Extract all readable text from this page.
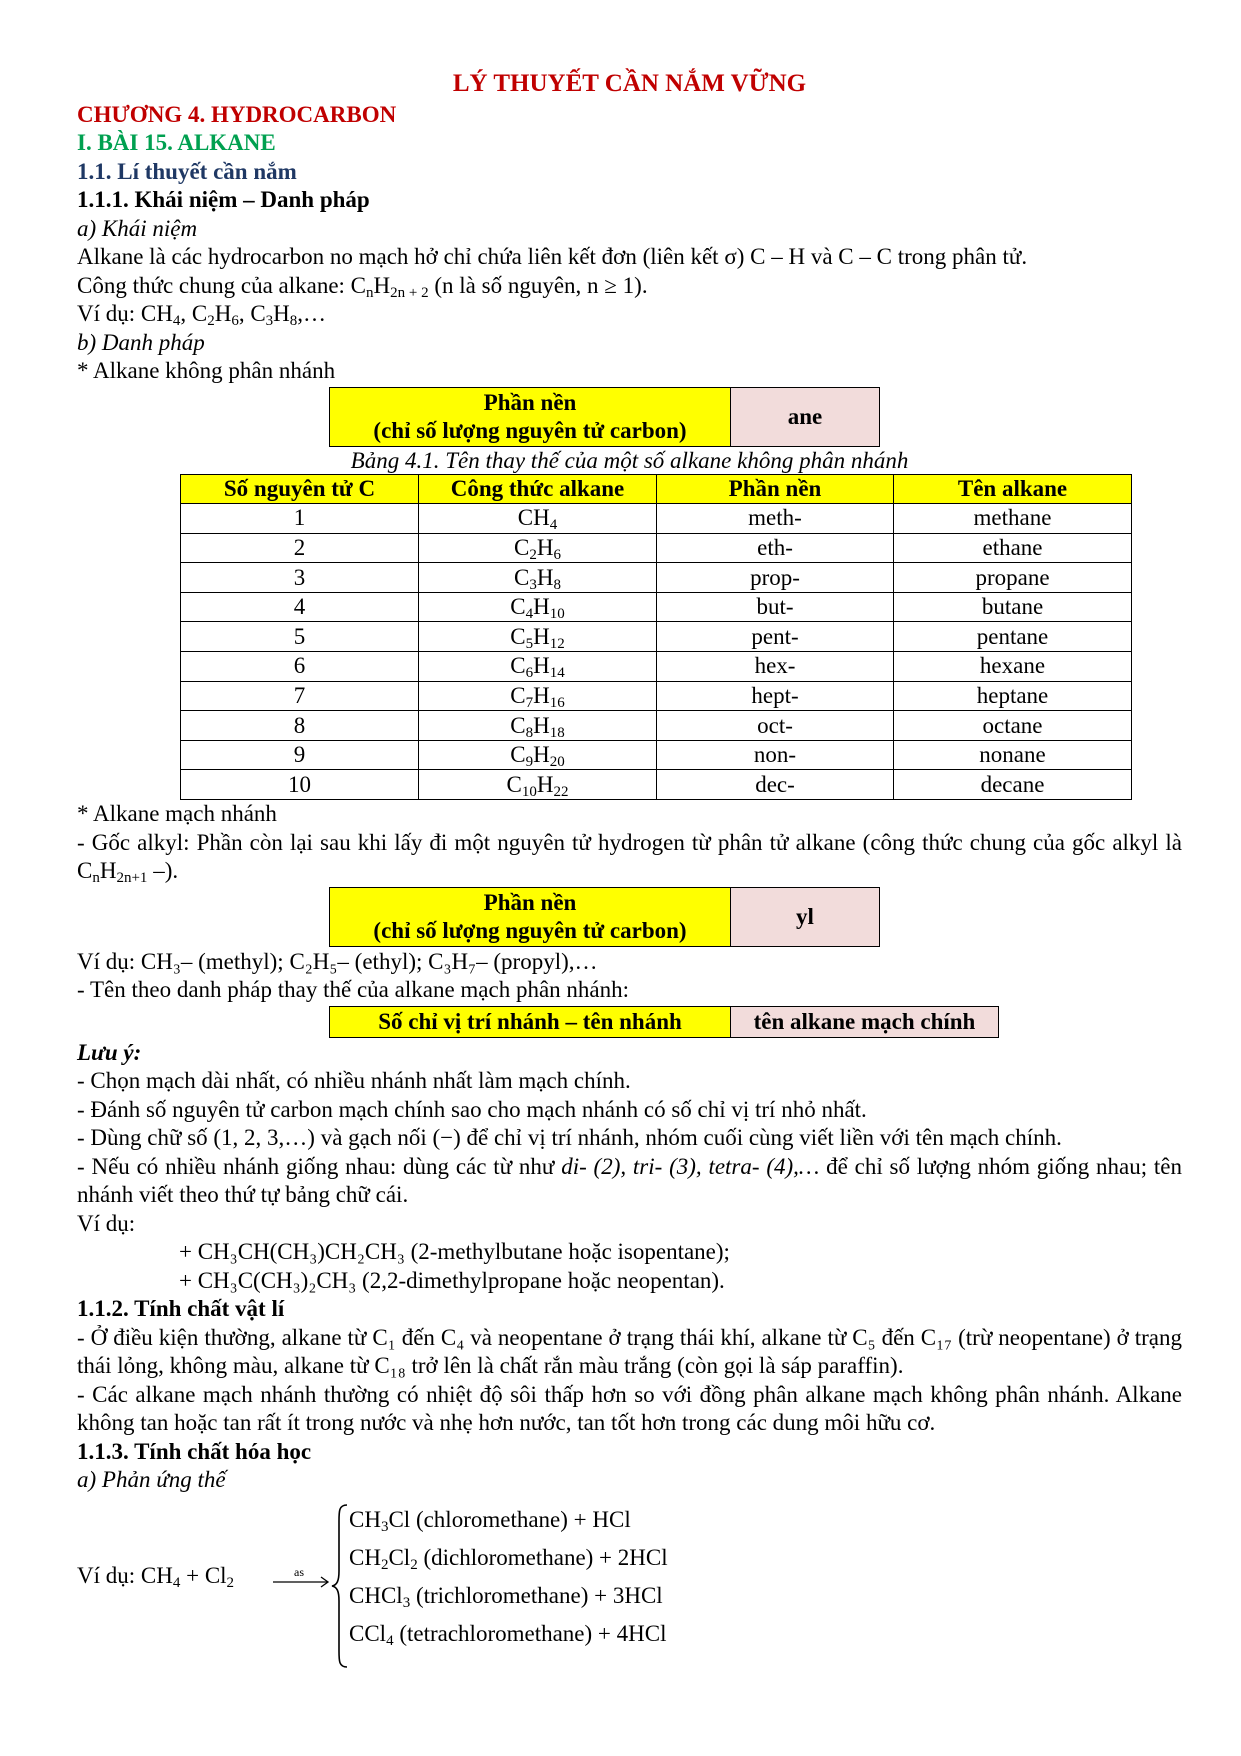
LÝ THUYẾT CẦN NẮM VỮNG
CHƯƠNG 4. HYDROCARBON
I. BÀI 15. ALKANE
1.1. Lí thuyết cần nắm
1.1.1. Khái niệm – Danh pháp
a) Khái niệm
Alkane là các hydrocarbon no mạch hở chỉ chứa liên kết đơn (liên kết σ) C – H và C – C trong phân tử.
Công thức chung của alkane: $C_nH_{2n + 2}$ (n là số nguyên, n ≥ 1).
Ví dụ: $CH_4$, $C_2H_6$, $C_3H_8,\dots$
b) Danh pháp
* Alkane không phân nhánh
Phần nền
(chỉ số lượng nguyên tử carbon)
	ane
Bảng 4.1. Tên thay thế của một số alkane không phân nhánh
Số nguyên tử C	Công thức alkane	Phần nền	Tên alkane
1	$CH_4$	meth-	methane
2	$C_2H_6$	eth-	ethane
3	$C_3H_8$	prop-	propane
4	$C_4H_{10}$	but-	butane
5	$C_5H_{12}$	pent-	pentane
6	$C_6H_{14}$	hex-	hexane
7	$C_7H_{16}$	hept-	heptane
8	$C_8H_{18}$	oct-	octane
9	$C_9H_{20}$	non-	nonane
10	$C_{10}H_{22}$	dec-	decane
* Alkane mạch nhánh
- Gốc alkyl: Phần còn lại sau khi lấy đi một nguyên tử hydrogen từ phân tử alkane (công thức chung của gốc alkyl là $C_nH_{2n+1}$ –).
Phần nền
(chỉ số lượng nguyên tử carbon)
	yl
Ví dụ: CH₃– (methyl); C₂H₅– (ethyl); C₃H₇– (propyl),…
- Tên theo danh pháp thay thế của alkane mạch phân nhánh:
Số chỉ vị trí nhánh – tên nhánh	tên alkane mạch chính
Lưu ý:
- Chọn mạch dài nhất, có nhiều nhánh nhất làm mạch chính.
- Đánh số nguyên tử carbon mạch chính sao cho mạch nhánh có số chỉ vị trí nhỏ nhất.
- Dùng chữ số (1, 2, 3,…) và gạch nối (−) để chỉ vị trí nhánh, nhóm cuối cùng viết liền với tên mạch chính.
- Nếu có nhiều nhánh giống nhau: dùng các từ như di- (2), tri- (3), tetra- (4),… để chỉ số lượng nhóm giống nhau; tên nhánh viết theo thứ tự bảng chữ cái.
Ví dụ:
+ CH₃CH(CH₃)CH₂CH₃ (2-methylbutane hoặc isopentane);
+ CH₃C(CH₃)₂CH₃ (2,2-dimethylpropane hoặc neopentan).
1.1.2. Tính chất vật lí
- Ở điều kiện thường, alkane từ C₁ đến C₄ và neopentane ở trạng thái khí, alkane từ C₅ đến C₁₇ (trừ neopentane) ở trạng thái lỏng, không màu, alkane từ C₁₈ trở lên là chất rắn màu trắng (còn gọi là sáp paraffin).
- Các alkane mạch nhánh thường có nhiệt độ sôi thấp hơn so với đồng phân alkane mạch không phân nhánh. Alkane không tan hoặc tan rất ít trong nước và nhẹ hơn nước, tan tốt hơn trong các dung môi hữu cơ.
1.1.3. Tính chất hóa học
a) Phản ứng thế
Ví dụ: $CH_4 + Cl_2$
as
$CH_3Cl$ (chloromethane) + HCl
$CH_2Cl_2$ (dichloromethane) + 2HCl
CHCl$_3$ (trichloromethane) + 3HCl
CCl$_4$ (tetrachloromethane) + 4HCl
